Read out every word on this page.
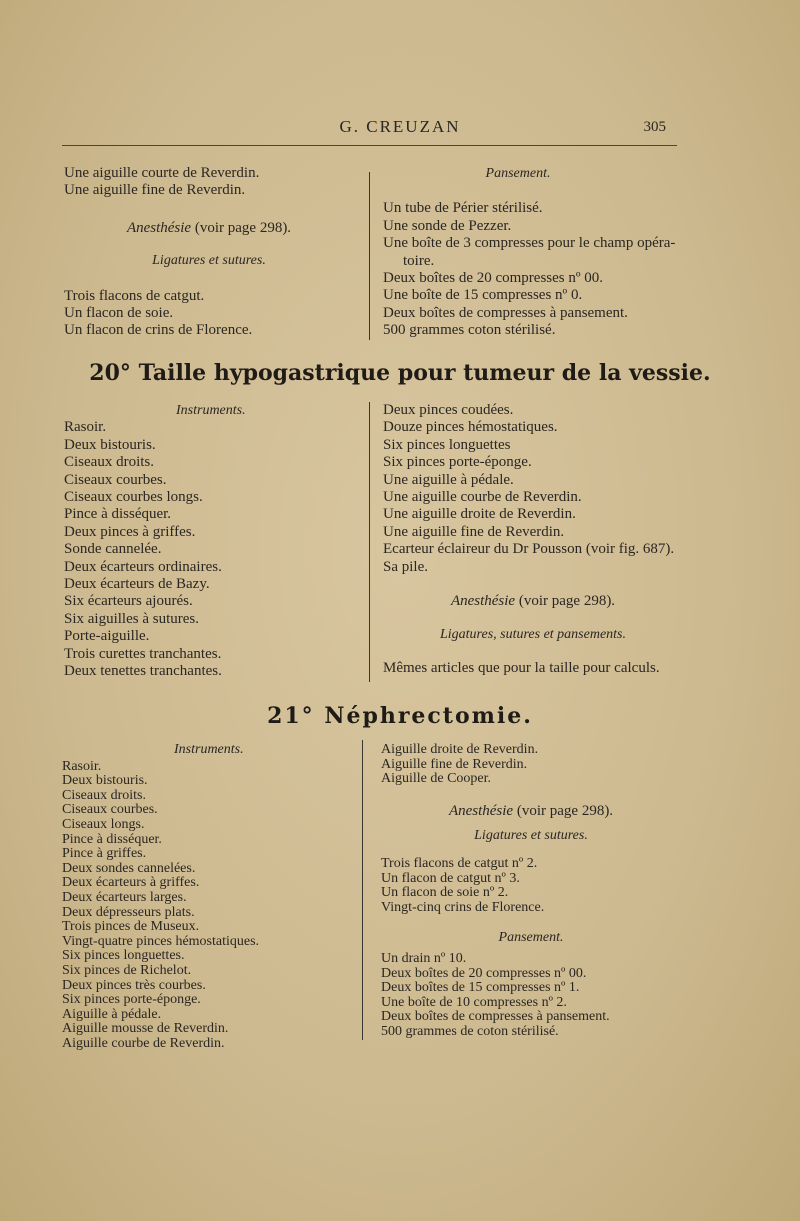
G. CREUZAN	305
Une aiguille courte de Reverdin.
Une aiguille fine de Reverdin.
Anesthésie (voir page 298).
Ligatures et sutures.
Trois flacons de catgut.
Un flacon de soie.
Un flacon de crins de Florence.
Pansement.
Un tube de Périer stérilisé.
Une sonde de Pezzer.
Une boîte de 3 compresses pour le champ opéra-
toire.
Deux boîtes de 20 compresses nº 00.
Une boîte de 15 compresses nº 0.
Deux boîtes de compresses à pansement.
500 grammes coton stérilisé.
20° Taille hypogastrique pour tumeur de la vessie.
Instruments.
Rasoir.
Deux bistouris.
Ciseaux droits.
Ciseaux courbes.
Ciseaux courbes longs.
Pince à disséquer.
Deux pinces à griffes.
Sonde cannelée.
Deux écarteurs ordinaires.
Deux écarteurs de Bazy.
Six écarteurs ajourés.
Six aiguilles à sutures.
Porte-aiguille.
Trois curettes tranchantes.
Deux tenettes tranchantes.
Deux pinces coudées.
Douze pinces hémostatiques.
Six pinces longuettes
Six pinces porte-éponge.
Une aiguille à pédale.
Une aiguille courbe de Reverdin.
Une aiguille droite de Reverdin.
Une aiguille fine de Reverdin.
Ecarteur éclaireur du Dr Pousson (voir fig. 687).
Sa pile.
Anesthésie (voir page 298).
Ligatures, sutures et pansements.
Mêmes articles que pour la taille pour calculs.
21° Néphrectomie.
Instruments.
Rasoir.
Deux bistouris.
Ciseaux droits.
Ciseaux courbes.
Ciseaux longs.
Pince à disséquer.
Pince à griffes.
Deux sondes cannelées.
Deux écarteurs à griffes.
Deux écarteurs larges.
Deux dépresseurs plats.
Trois pinces de Museux.
Vingt-quatre pinces hémostatiques.
Six pinces longuettes.
Six pinces de Richelot.
Deux pinces très courbes.
Six pinces porte-éponge.
Aiguille à pédale.
Aiguille mousse de Reverdin.
Aiguille courbe de Reverdin.
Aiguille droite de Reverdin.
Aiguille fine de Reverdin.
Aiguille de Cooper.
Anesthésie (voir page 298).
Ligatures et sutures.
Trois flacons de catgut nº 2.
Un flacon de catgut nº 3.
Un flacon de soie nº 2.
Vingt-cinq crins de Florence.
Pansement.
Un drain nº 10.
Deux boîtes de 20 compresses nº 00.
Deux boîtes de 15 compresses nº 1.
Une boîte de 10 compresses nº 2.
Deux boîtes de compresses à pansement.
500 grammes de coton stérilisé.
